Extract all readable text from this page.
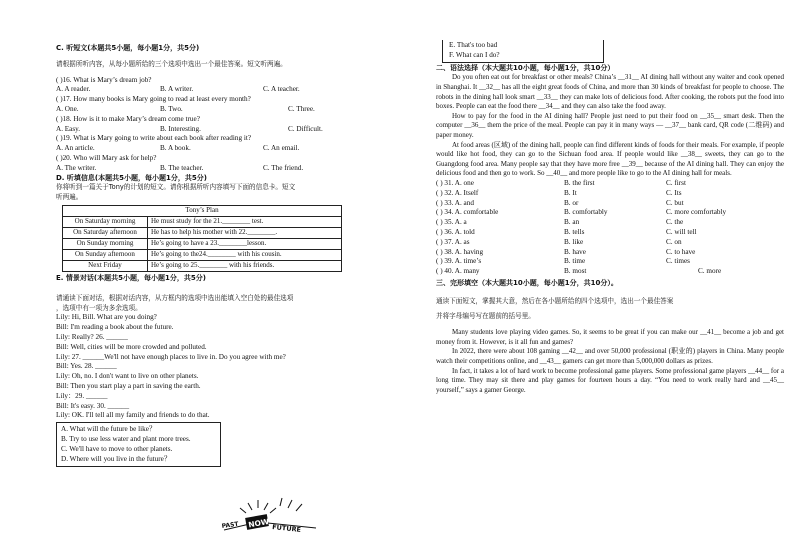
C. 听短文(本题共5小题，每小题1分，共5分)
请根据所听内容，从每小题所给的三个选项中选出一个最佳答案。短文听两遍。
( )16. What is Mary’s dream job?
A. A reader.	B. A writer.	C. A teacher.
( )17. How many books is Mary going to read at least every month?
A. One.	B. Two.	C. Three.
( )18. How is it to make Mary’s dream come true?
A. Easy.	B. Interesting.	C. Difficult.
( )19. What is Mary going to write about each book after reading it?
A. An article.	B. A book.	C. An email.
( )20. Who will Mary ask for help?
A. The writer.	B. The teacher.	C. The friend.
D. 听填信息(本题共5小题，每小题1分，共5分)
你将听到一篇关于Tony的计划的短文。请你根据所听内容填写下面的信息卡。短文
听两遍。
Tony’s Plan	
On Saturday morning	He must study for the 21.________ test.
On Saturday afternoon	He has to help his mother with 22.________.
On Sunday morning	He’s going to have a 23.________lesson.
On Sunday afternoon	He’s going to the24.________ with his cousin.
Next Friday	He’s going to 25.________ with his friends.
E. 情景对话(本题共5小题，每小题1分，共5分)
请通读下面对话，根据对话内容，从方框内的选项中选出能填入空白处的最佳选项
，选项中有一项为多余选项。
Lily: Hi, Bill. What are you doing?
Bill: I'm reading a book about the future.
Lily: Really? 26. ______
Bill: Well, cities will be more crowded and polluted.
Lily: 27. ______We'll not have enough places to live in. Do you agree with me?
Bill: Yes. 28. ______
Lily: Oh, no. I don't want to live on other planets.
Bill: Then you start play a part in saving the earth.
Lily：29. ______
Bill: It's easy. 30. ______
Lily: OK. I'll tell all my family and friends to do that.
A. What will the future be like？
B. Try to use less water and plant more trees.
C. We'll have to move to other planets.
D. Where will you live in the future？
PAST NOW FUTURE
E. That's too bad
F. What can I do?
二、语法选择（本大题共10小题，每小题1分，共10分）
Do you often eat out for breakfast or other meals? China’s __31__ AI dining hall without any waiter and cook opened in Shanghai. It __32__ has all the eight great foods of China, and more than 30 kinds of breakfast for people to choose. The robots in the dining hall look smart __33__ they can make lots of delicious food. After cooking, the robots put the food into boxes. People can eat the food there __34__ and they can also take the food away.
How to pay for the food in the AI dining hall? People just need to put their food on __35__ smart desk. Then the computer __36__ them the price of the meal. People can pay it in many ways — __37__ bank card, QR code (二维码) and paper money.
At food areas (区域) of the dining hall, people can find different kinds of foods for their meals. For example, if people would like hot food, they can go to the Sichuan food area. If people would like __38__ sweets, they can go to the Guangdong food area. Many people say that they have more free __39__ because of the AI dining hall. They can enjoy the delicious food and then go to work. So __40__ and more people like to go to the AI dining hall for meals.
( ) 31. A. one	B. the first	C. first
( ) 32. A. Itself	B. It	C. Its
( ) 33. A. and	B. or	C. but
( ) 34. A. comfortable	B. comfortably	C. more comfortably
( ) 35. A. a	B. an	C. the
( ) 36. A. told	B. tells	C. will tell
( ) 37. A. as	B. like	C. on
( ) 38. A. having	B. have	C. to have
( ) 39. A. time’s	B. time	C. times
( ) 40. A. many	B. most	C. more
三、完形填空（本大题共10小题，每小题1分，共10分）。
通读下面短文，掌握其大意，然后在各小题所给的四个选项中，选出一个最佳答案
并将字母编号写在题前的括号里。
Many students love playing video games. So, it seems to be great if you can make our __41__ become a job and get money from it. However, is it all fun and games?
In 2022, there were about 108 gaming __42__ and over 50,000 professional (职业的) players in China. Many people watch their competitions online, and __43__ gamers can get more than 5,000,000 dollars as prizes.
In fact, it takes a lot of hard work to become professional game players. Some professional game players __44__ for a long time. They may sit there and play games for fourteen hours a day. “You need to work really hard and __45__ yourself,” says a gamer George.
